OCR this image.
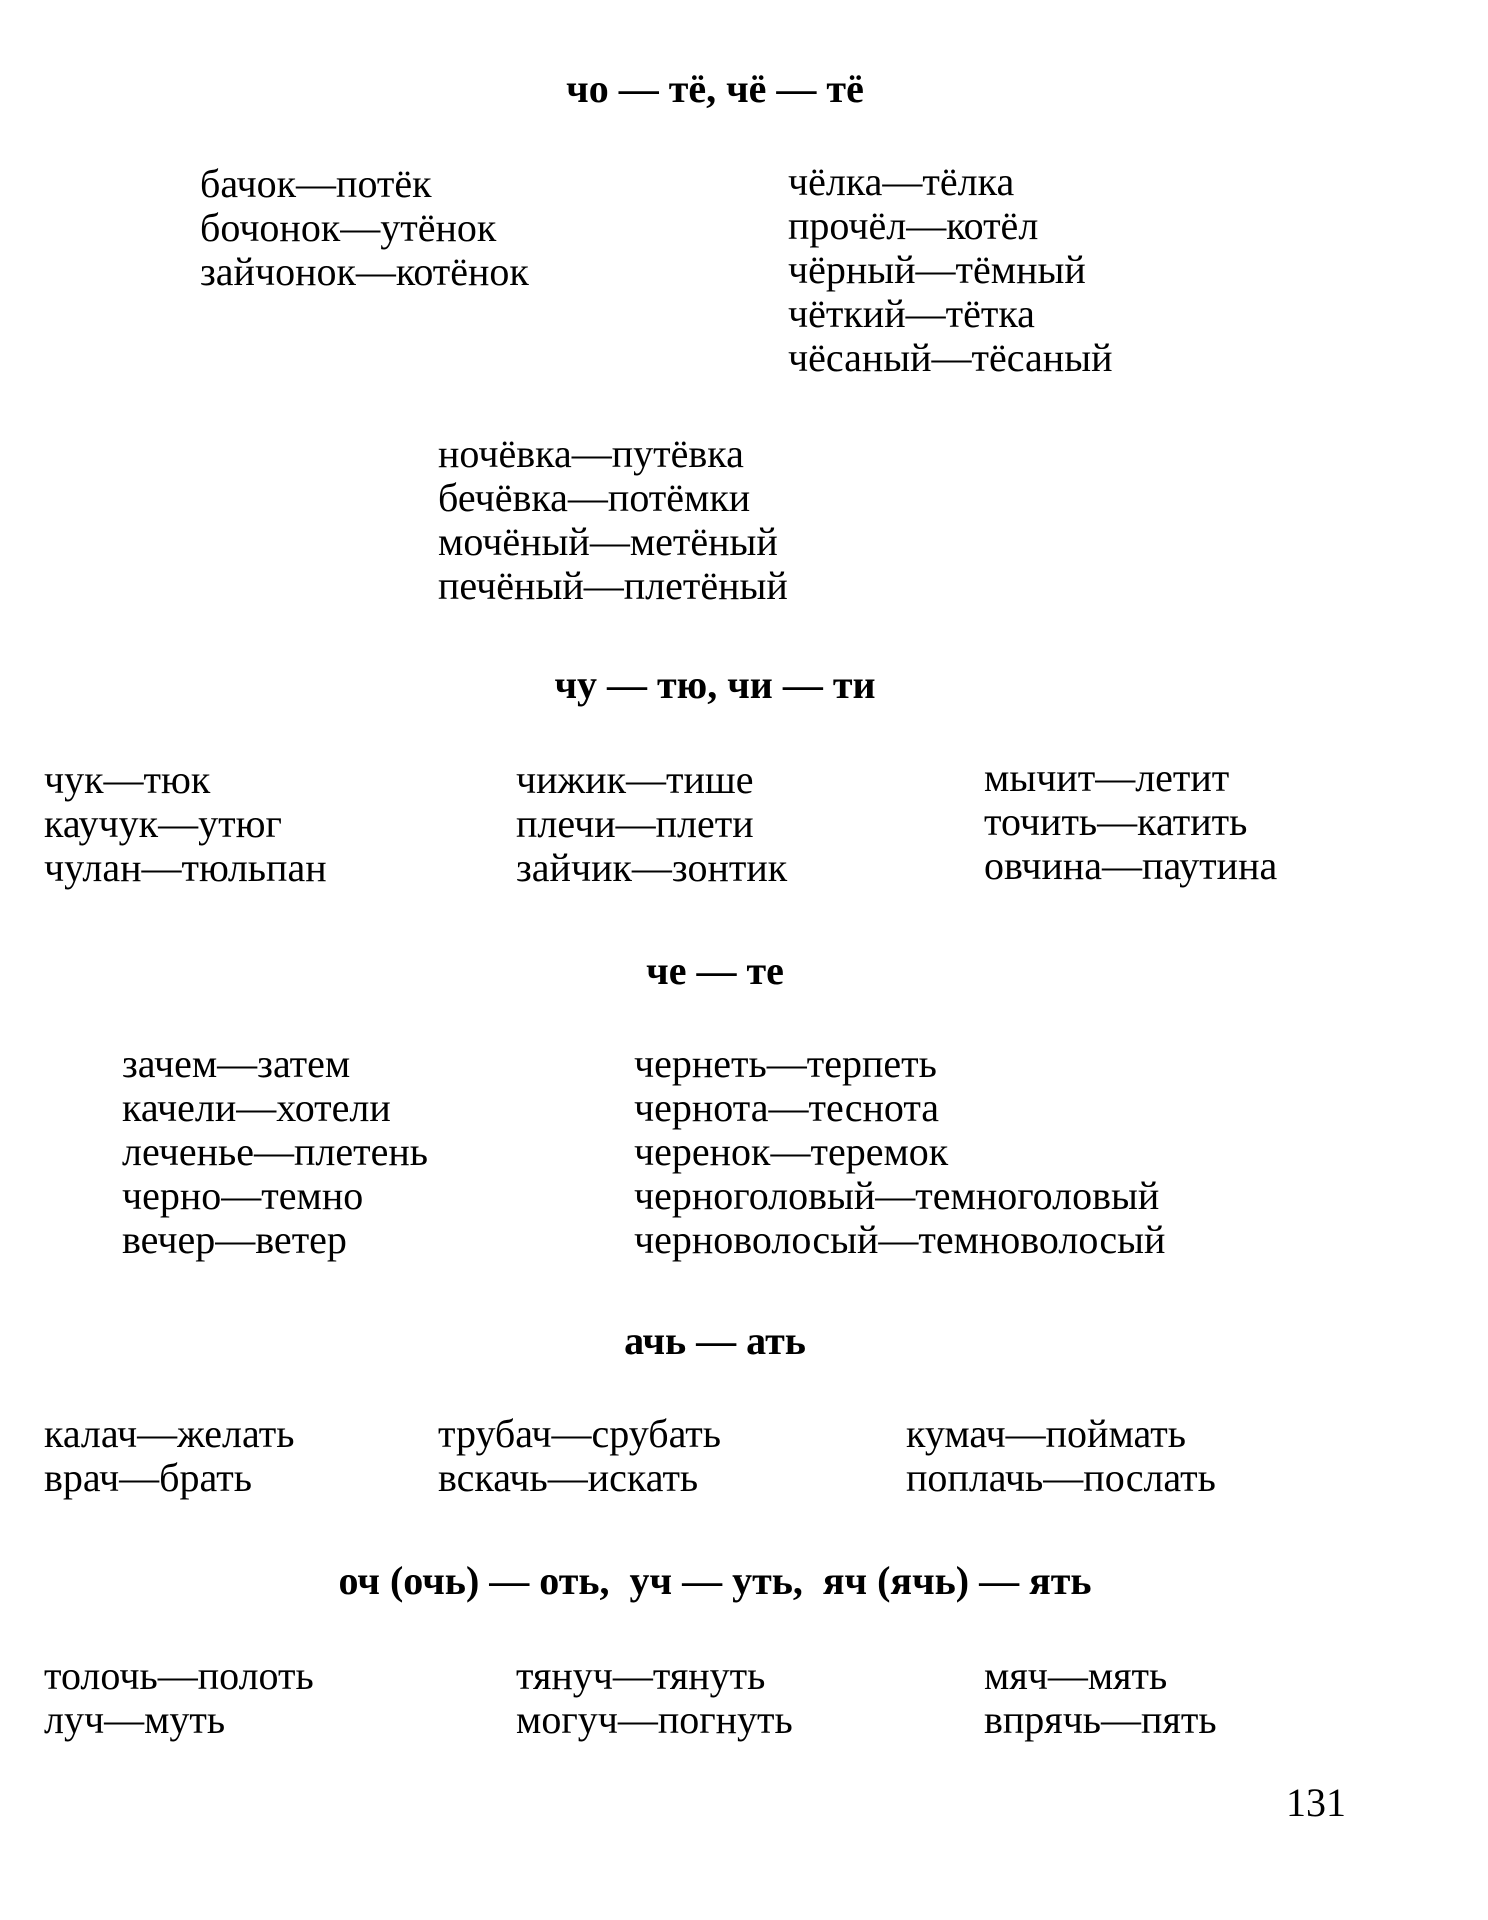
чо — тё, чё — тё
бачок—потёк
бочонок—утёнок
зайчонок—котёнок
чёлка—тёлка
прочёл—котёл
чёрный—тёмный
чёткий—тётка
чёсаный—тёсаный
ночёвка—путёвка
бечёвка—потёмки
мочёный—метёный
печёный—плетёный
чу — тю, чи — ти
чук—тюк
каучук—утюг
чулан—тюльпан
чижик—тише
плечи—плети
зайчик—зонтик
мычит—летит
точить—катить
овчина—паутина
че — те
зачем—затем
качели—хотели
леченье—плетень
черно—темно
вечер—ветер
чернеть—терпеть
чернота—теснота
черенок—теремок
черноголовый—темноголовый
черноволосый—темноволосый
ачь — ать
калач—желать
врач—брать
трубач—срубать
вскачь—искать
кумач—поймать
поплачь—послать
оч (очь) — оть,  уч — уть,  яч (ячь) — ять
толочь—полоть
луч—муть
тянуч—тянуть
могуч—погнуть
мяч—мять
впрячь—пять
131
